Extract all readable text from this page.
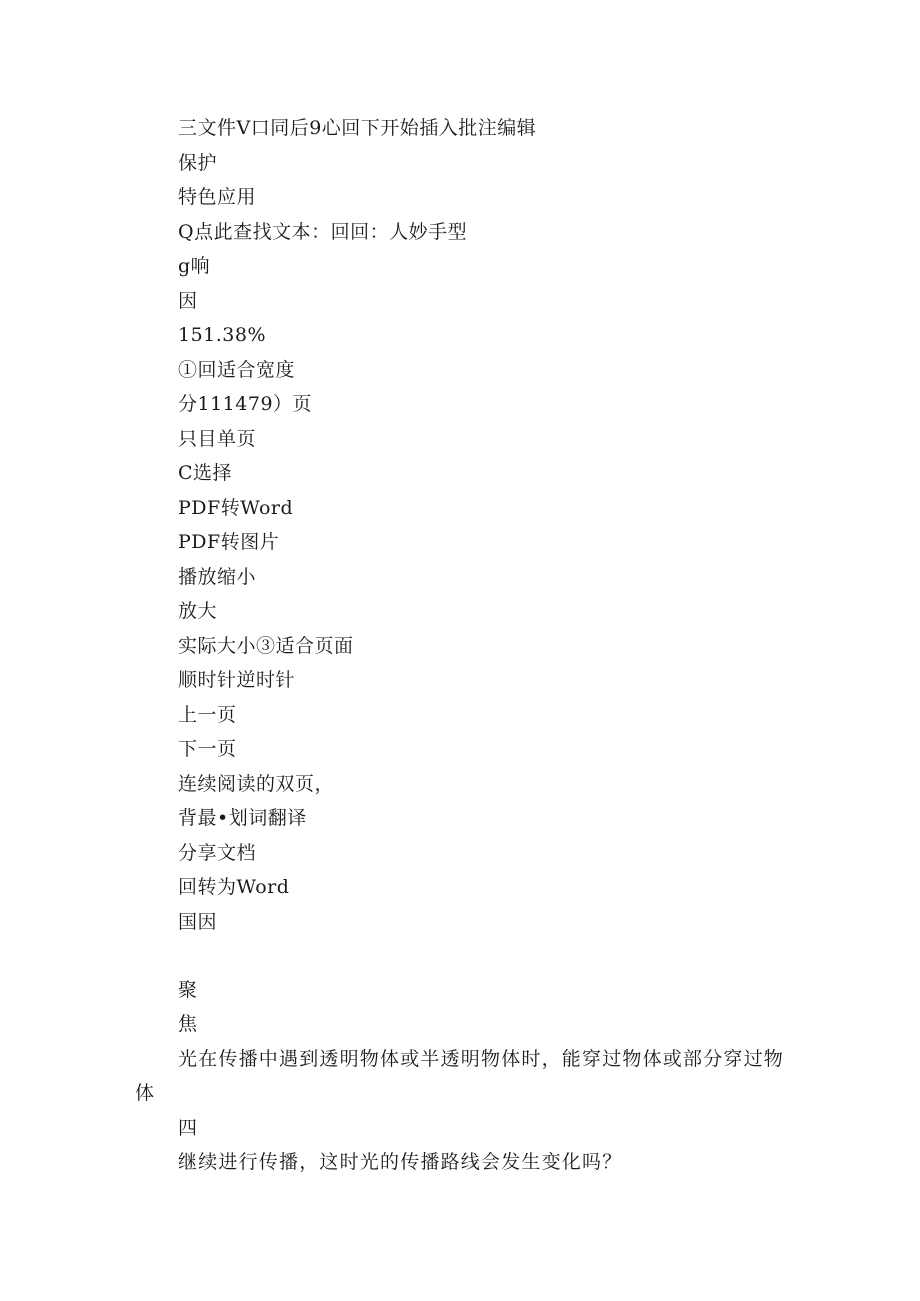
三文件V口同后9心回下开始插入批注编辑
保护
特色应用
Q点此查找文本：回回：人妙手型
g响
因
151.38%
①回适合宽度
分111479）页
只目单页
C选择
PDF转Word
PDF转图片
播放缩小
放大
实际大小③适合页面
顺时针逆时针
上一页
下一页
连续阅读的双页，
背最•划词翻译
分享文档
回转为Word
国因
聚
焦
光在传播中遇到透明物体或半透明物体时，能穿过物体或部分穿过物
体
四
继续进行传播，这时光的传播路线会发生变化吗？
